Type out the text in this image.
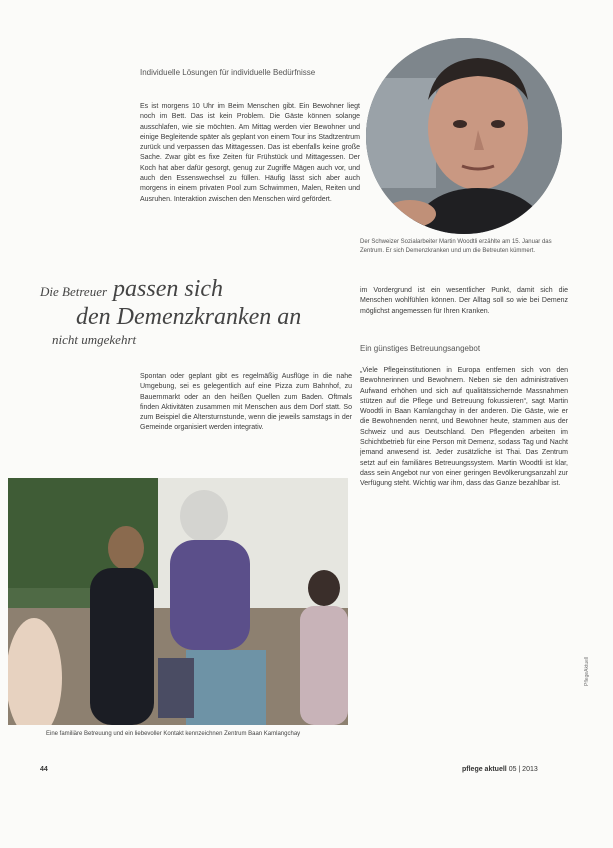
Individuelle Lösungen für individuelle Bedürfnisse
Es ist morgens 10 Uhr im Beim Menschen gibt. Ein Bewohner liegt noch im Bett. Das ist kein Problem. Die Gäste können solange ausschlafen, wie sie möchten. Am Mittag werden vier Bewohner und einige Begleitende später als geplant von einem Tour ins Stadtzentrum zurück und verpassen das Mittagessen. Das ist ebenfalls keine große Sache. Zwar gibt es fixe Zeiten für Frühstück und Mittagessen. Der Koch hat aber dafür gesorgt, genug zur Zugriffe Mägen auch vor, und auch den Essenswechsel zu füllen. Häufig lässt sich aber auch morgens in einem privaten Pool zum Schwimmen, Malen, Reiten und Ausruhen. Interaktion zwischen den Menschen wird gefördert.
Der Schweizer Sozialarbeiter Martin Woodtli erzählte am 15. Januar das Zentrum. Er sich Demenzkranken und um die Betreuten kümmert.
Die Betreuer passen sich
den Demenzkranken an
nicht umgekehrt
im Vordergrund ist ein wesentlicher Punkt, damit sich die Menschen wohlfühlen können. Der Alltag soll so wie bei Demenz möglichst angemessen für Ihren Kranken.
Ein günstiges Betreuungsangebot
„Viele Pflegeinstitutionen in Europa entfernen sich von den Bewohnerinnen und Bewohnern. Neben sie den administrativen Aufwand erhöhen und sich auf qualitätssichernde Massnahmen stützen auf die Pflege und Betreuung fokussieren“, sagt Martin Woodtli in Baan Kamlangchay in der anderen. Die Gäste, wie er die Bewohnenden nennt, und Bewohner heute, stammen aus der Schweiz und aus Deutschland. Den Pflegenden arbeiten im Schichtbetrieb für eine Person mit Demenz, sodass Tag und Nacht jemand anwesend ist. Jeder zusätzliche ist Thai. Das Zentrum setzt auf ein familiäres Betreuungssystem. Martin Woodtli ist klar, dass sein Angebot nur von einer geringen Bevölkerungsanzahl zur Verfügung steht. Wichtig war ihm, dass das Ganze bezahlbar ist.
Spontan oder geplant gibt es regelmäßig Ausflüge in die nahe Umgebung, sei es gelegentlich auf eine Pizza zum Bahnhof, zu Bauernmarkt oder an den heißen Quellen zum Baden. Oftmals finden Aktivitäten zusammen mit Menschen aus dem Dorf statt. So zum Beispiel die Altersturnstunde, wenn die jeweils samstags in der Gemeinde organisiert werden integrativ.
Eine familiäre Betreuung und ein liebevoller Kontakt kennzeichnen Zentrum Baan Kamlangchay
44	pflege aktuell 05 | 2013
PflegeAktuell
